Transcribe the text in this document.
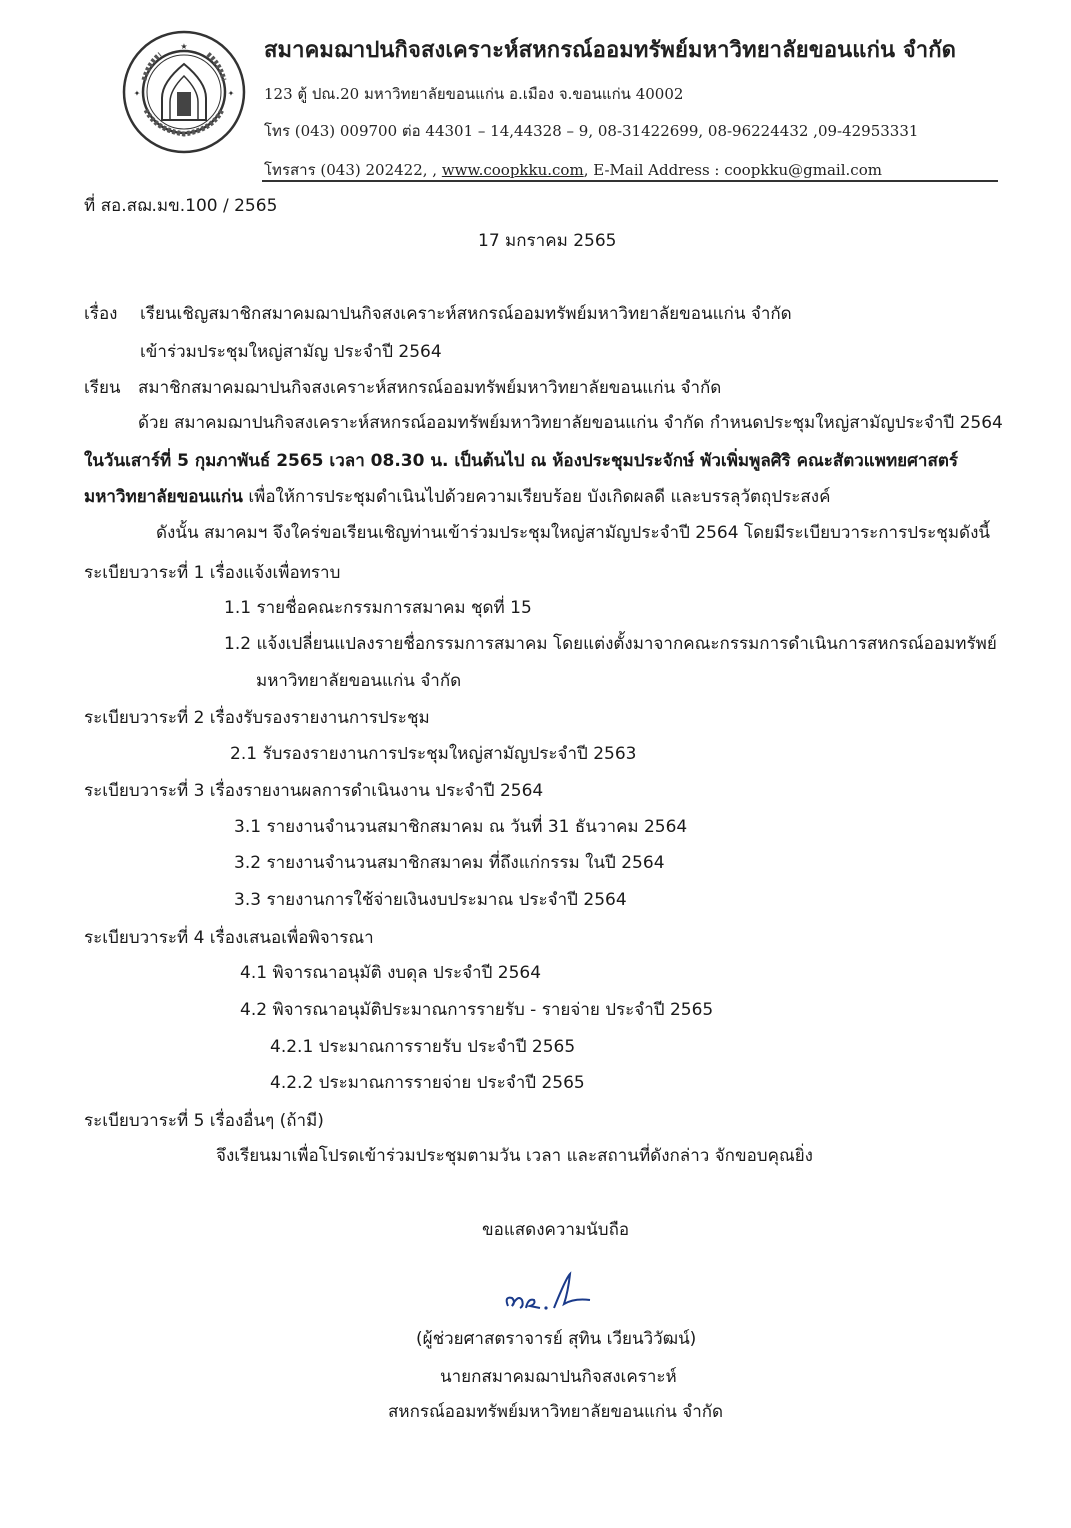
★
✦	✦
สมาคมฌาปนกิจสงเคราะห์สหกรณ์ออมทรัพย์มหาวิทยาลัยขอนแก่น จำกัด
123 ตู้ ปณ.20 มหาวิทยาลัยขอนแก่น อ.เมือง จ.ขอนแก่น 40002
โทร (043) 009700 ต่อ 44301 – 14,44328 – 9, 08-31422699, 08-96224432 ,09-42953331
โทรสาร (043) 202422, , www.coopkku.com, E-Mail Address : coopkku@gmail.com
ที่ สอ.สฌ.มข.100 / 2565
17 มกราคม 2565
เรื่อง เรียนเชิญสมาชิกสมาคมฌาปนกิจสงเคราะห์สหกรณ์ออมทรัพย์มหาวิทยาลัยขอนแก่น จำกัด
เข้าร่วมประชุมใหญ่สามัญ ประจำปี 2564
เรียน สมาชิกสมาคมฌาปนกิจสงเคราะห์สหกรณ์ออมทรัพย์มหาวิทยาลัยขอนแก่น จำกัด
ด้วย สมาคมฌาปนกิจสงเคราะห์สหกรณ์ออมทรัพย์มหาวิทยาลัยขอนแก่น จำกัด กำหนดประชุมใหญ่สามัญประจำปี 2564
ในวันเสาร์ที่ 5 กุมภาพันธ์ 2565 เวลา 08.30 น. เป็นต้นไป ณ ห้องประชุมประจักษ์ พัวเพิ่มพูลศิริ คณะสัตวแพทยศาสตร์
มหาวิทยาลัยขอนแก่น เพื่อให้การประชุมดำเนินไปด้วยความเรียบร้อย บังเกิดผลดี และบรรลุวัตถุประสงค์
ดังนั้น สมาคมฯ จึงใคร่ขอเรียนเชิญท่านเข้าร่วมประชุมใหญ่สามัญประจำปี 2564 โดยมีระเบียบวาระการประชุมดังนี้
ระเบียบวาระที่ 1 เรื่องแจ้งเพื่อทราบ
1.1 รายชื่อคณะกรรมการสมาคม ชุดที่ 15
1.2 แจ้งเปลี่ยนแปลงรายชื่อกรรมการสมาคม โดยแต่งตั้งมาจากคณะกรรมการดำเนินการสหกรณ์ออมทรัพย์
มหาวิทยาลัยขอนแก่น จำกัด
ระเบียบวาระที่ 2 เรื่องรับรองรายงานการประชุม
2.1 รับรองรายงานการประชุมใหญ่สามัญประจำปี 2563
ระเบียบวาระที่ 3 เรื่องรายงานผลการดำเนินงาน ประจำปี 2564
3.1 รายงานจำนวนสมาชิกสมาคม ณ วันที่ 31 ธันวาคม 2564
3.2 รายงานจำนวนสมาชิกสมาคม ที่ถึงแก่กรรม ในปี 2564
3.3 รายงานการใช้จ่ายเงินงบประมาณ ประจำปี 2564
ระเบียบวาระที่ 4 เรื่องเสนอเพื่อพิจารณา
4.1 พิจารณาอนุมัติ งบดุล ประจำปี 2564
4.2 พิจารณาอนุมัติประมาณการรายรับ - รายจ่าย ประจำปี 2565
4.2.1 ประมาณการรายรับ ประจำปี 2565
4.2.2 ประมาณการรายจ่าย ประจำปี 2565
ระเบียบวาระที่ 5 เรื่องอื่นๆ (ถ้ามี)
จึงเรียนมาเพื่อโปรดเข้าร่วมประชุมตามวัน เวลา และสถานที่ดังกล่าว จักขอบคุณยิ่ง
ขอแสดงความนับถือ
(ผู้ช่วยศาสตราจารย์ สุทิน เวียนวิวัฒน์)
นายกสมาคมฌาปนกิจสงเคราะห์
สหกรณ์ออมทรัพย์มหาวิทยาลัยขอนแก่น จำกัด
